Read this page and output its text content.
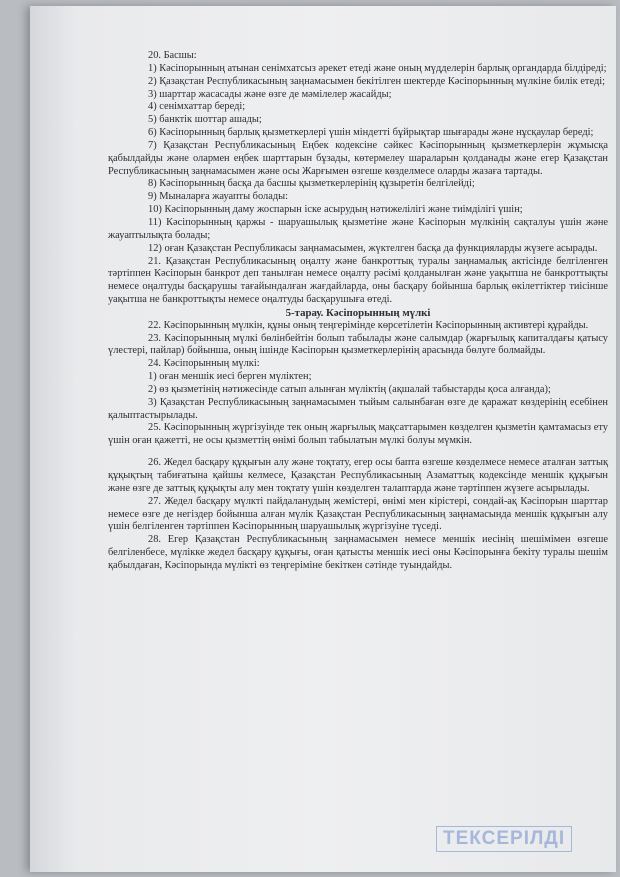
20. Басшы:

1) Кәсіпорынның атынан сенімхатсыз әрекет етеді және оның мүдделерін барлық органдарда білдіреді;

2) Қазақстан Республикасының заңнамасымен бекітілген шектерде Кәсіпорынның мүлкіне билік етеді;

3) шарттар жасасады және өзге де мәмілелер жасайды;

4) сенімхаттар береді;

5) банктік шоттар ашады;

6) Кәсіпорынның барлық қызметкерлері үшін міндетті бұйрықтар шығарады және нұсқаулар береді;

7) Қазақстан Республикасының Еңбек кодексіне сәйкес Кәсіпорынның қызметкерлерін жұмысқа қабылдайды және олармен еңбек шарттарын бұзады, көтермелеу шараларын қолданады және егер Қазақстан Республикасының заңнамасымен және осы Жарғымен өзгеше көзделмесе оларды жазаға тартады.

8) Кәсіпорынның басқа да басшы қызметкерлерінің құзыретін белгілейді;

9) Мыналарға жауапты болады:

10) Кәсіпорынның даму жоспарын іске асырудың нәтижелілігі және тиімділігі үшін;

11) Кәсіпорынның қаржы - шаруашылық қызметіне және Кәсіпорын мүлкінің сақталуы үшін және жауаптылықта болады;

12) оған Қазақстан Республикасы заңнамасымен, жүктелген басқа да функцияларды жүзеге асырады.

21. Қазақстан Республикасының оңалту және банкроттық туралы заңнамалық актісінде белгіленген тәртіппен Кәсіпорын банкрот деп танылған немесе оңалту рәсімі қолданылған және уақытша не банкроттықты немесе оңалтуды басқарушы тағайындалған жағдайларда, оны басқару бойынша барлық өкілеттіктер тиісінше уақытша не банкроттықты немесе оңалтуды басқарушыға өтеді.

5-тарау. Кәсіпорынның мүлкі

22. Кәсіпорынның мүлкін, құны оның теңгерімінде көрсетілетін Кәсіпорынның активтері құрайды.

23. Кәсіпорынның мүлкі бөлінбейтін болып табылады және салымдар (жарғылық капиталдағы қатысу үлестері, пайлар) бойынша, оның ішінде Кәсіпорын қызметкерлерінің арасында бөлуге болмайды.

24. Кәсіпорынның мүлкі:

1) оған меншік иесі берген мүліктен;

2) өз қызметінің нәтижесінде сатып алынған мүліктің (ақшалай табыстарды қоса алғанда);

3) Қазақстан Республикасының заңнамасымен тыйым салынбаған өзге де қаражат көздерінің есебінен қалыптастырылады.

25. Кәсіпорынның жүргізуінде тек оның жарғылық мақсаттарымен көзделген қызметін қамтамасыз ету үшін оған қажетті, не осы қызметтің өнімі болып табылатын мүлкі болуы мүмкін.

26. Жедел басқару құқығын алу және тоқтату, егер осы бапта өзгеше көзделмесе немесе аталған заттық құқықтың табиғатына қайшы келмесе, Қазақстан Республикасының Азаматтық кодексінде меншік құқығын және өзге де заттық құқықты алу мен тоқтату үшін көзделген талаптарда және тәртіппен жүзеге асырылады.

27. Жедел басқару мүлкті пайдаланудың жемістері, өнімі мен кірістері, сондай-ақ Кәсіпорын шарттар немесе өзге де негіздер бойынша алған мүлік Қазақстан Республикасының заңнамасында меншік құқығын алу үшін белгіленген тәртіппен Кәсіпорынның шаруашылық жүргізуіне түседі.

28. Егер Қазақстан Республикасының заңнамасымен немесе меншік иесінің шешімімен өзгеше белгіленбесе, мүлікке жедел басқару құқығы, оған қатысты меншік иесі оны Кәсіпорынға бекіту туралы шешім қабылдаған, Кәсіпорында мүлікті өз теңгеріміне бекіткен сәтінде туындайды.

ТЕКСЕРІЛДІ
